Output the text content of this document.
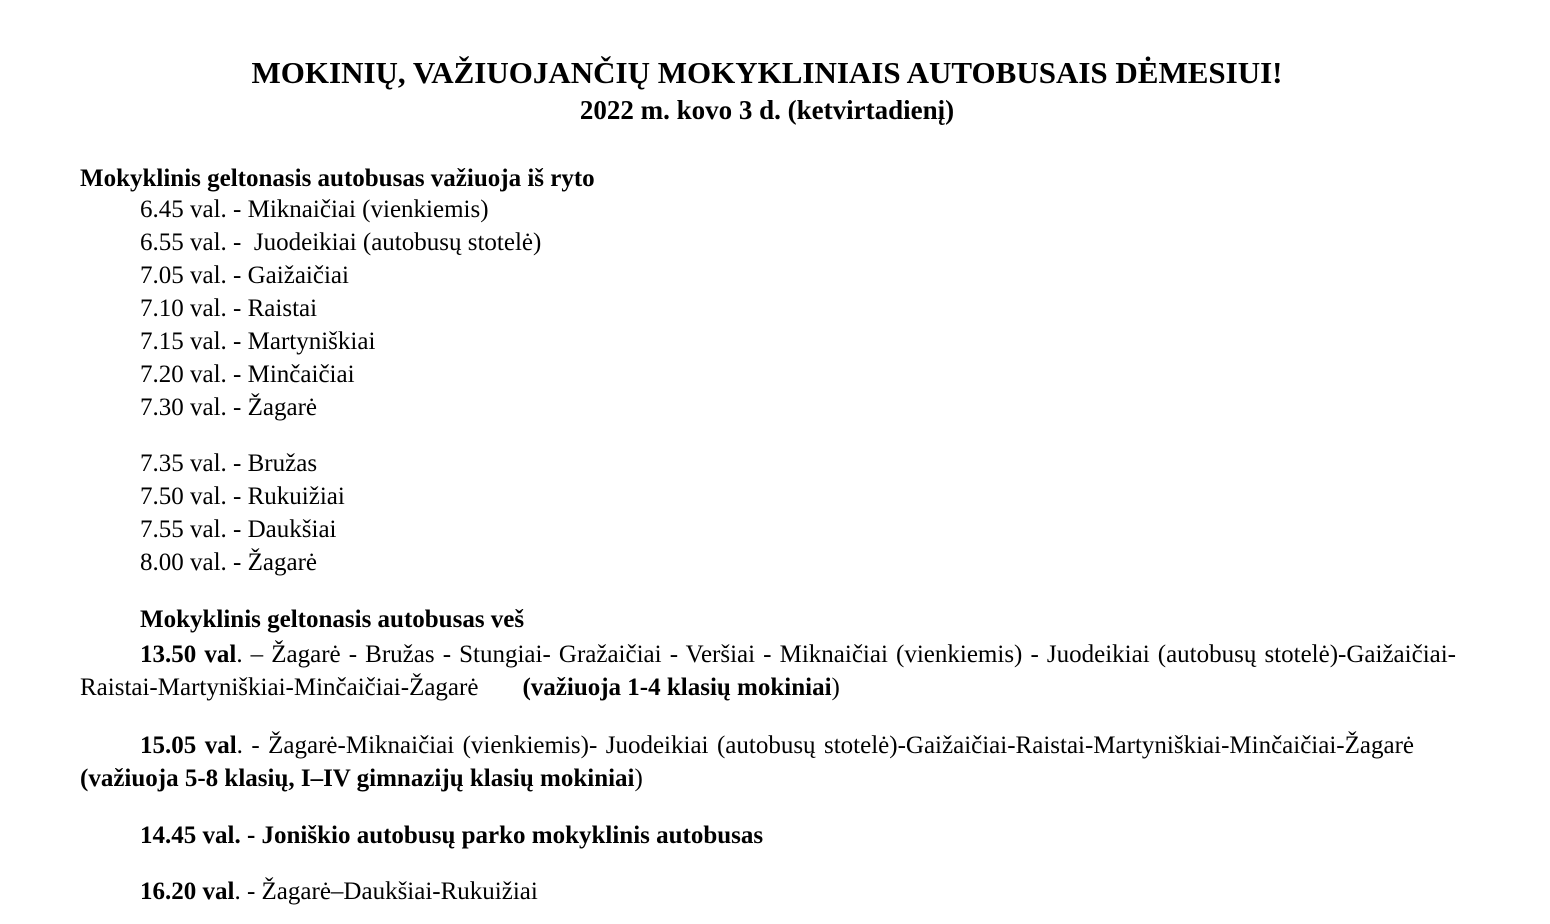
MOKINIŲ, VAŽIUOJANČIŲ MOKYKLINIAIS AUTOBUSAIS DĖMESIUI!
2022 m. kovo 3 d. (ketvirtadienį)
Mokyklinis geltonasis autobusas važiuoja iš ryto
6.45 val. - Miknaičiai (vienkiemis)
6.55 val. -  Juodeikiai (autobusų stotelė)
7.05 val. - Gaižaičiai
7.10 val. - Raistai
7.15 val. - Martyniškiai
7.20 val. - Minčaičiai
7.30 val. - Žagarė
7.35 val. - Bružas
7.50 val. - Rukuižiai
7.55 val. - Daukšiai
8.00 val. - Žagarė
Mokyklinis geltonasis autobusas veš
13.50 val. – Žagarė - Bružas - Stungiai- Gražaičiai - Veršiai - Miknaičiai (vienkiemis) - Juodeikiai (autobusų stotelė)-Gaižaičiai- Raistai-Martyniškiai-Minčaičiai-Žagarė (važiuoja 1-4 klasių mokiniai)
15.05 val. - Žagarė-Miknaičiai (vienkiemis)- Juodeikiai (autobusų stotelė)-Gaižaičiai-Raistai-Martyniškiai-Minčaičiai-Žagarė(važiuoja 5-8 klasių, I–IV gimnazijų klasių mokiniai)
14.45 val. - Joniškio autobusų parko mokyklinis autobusas
16.20 val. - Žagarė–Daukšiai-Rukuižiai
